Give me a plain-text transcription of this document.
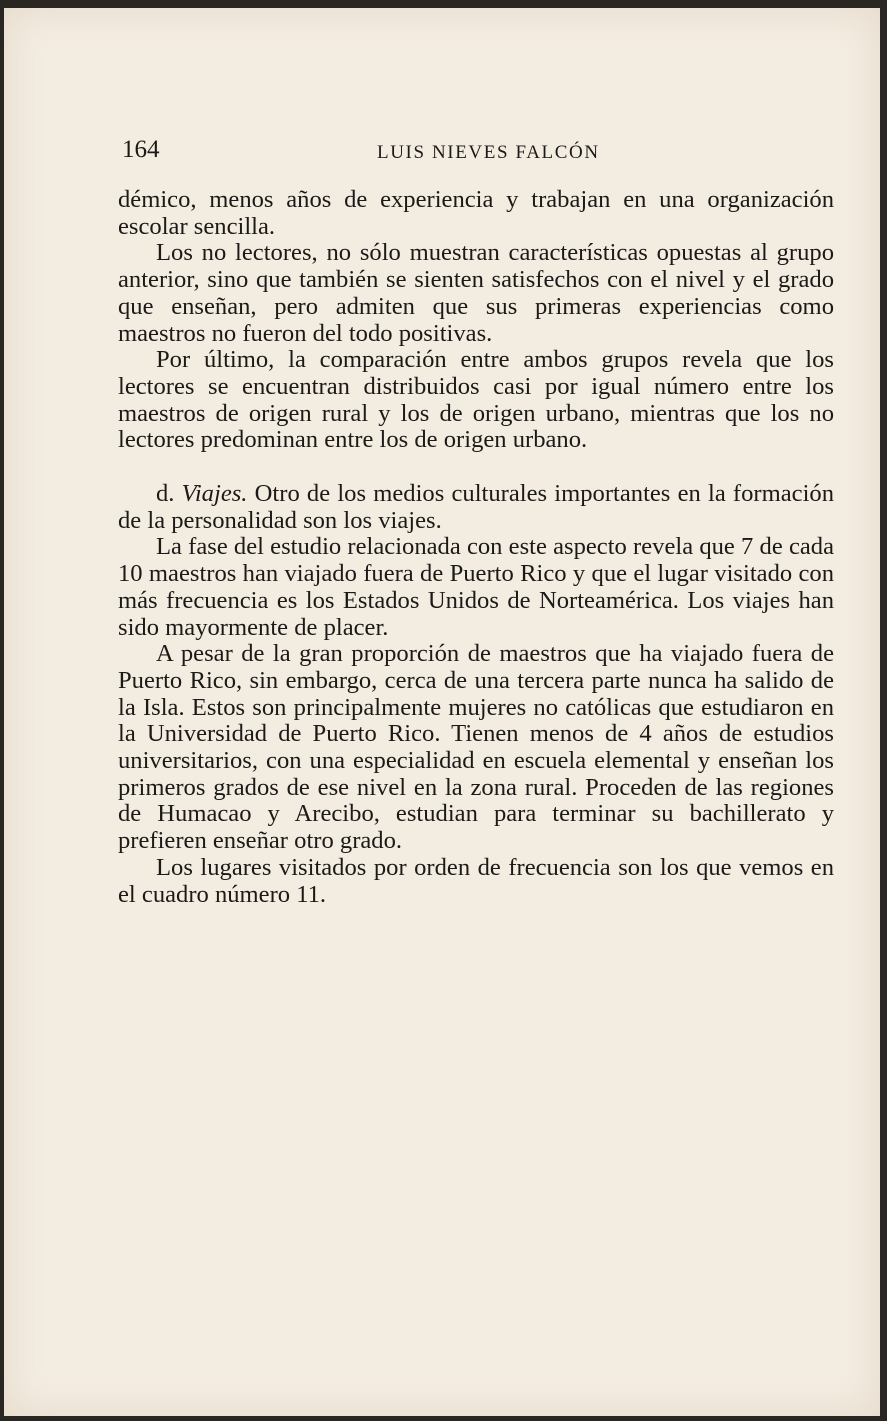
164	LUIS NIEVES FALCÓN

démico, menos años de experiencia y trabajan en una organización escolar sencilla.

Los no lectores, no sólo muestran características opuestas al grupo anterior, sino que también se sienten satisfechos con el nivel y el grado que enseñan, pero admiten que sus primeras experiencias como maestros no fueron del todo positivas.

Por último, la comparación entre ambos grupos revela que los lectores se encuentran distribuidos casi por igual número entre los maestros de origen rural y los de origen urbano, mientras que los no lectores predominan entre los de origen urbano.

d. Viajes. Otro de los medios culturales importantes en la formación de la personalidad son los viajes.

La fase del estudio relacionada con este aspecto revela que 7 de cada 10 maestros han viajado fuera de Puerto Rico y que el lugar visitado con más frecuencia es los Estados Unidos de Norteamérica. Los viajes han sido mayormente de placer.

A pesar de la gran proporción de maestros que ha viajado fuera de Puerto Rico, sin embargo, cerca de una tercera parte nunca ha salido de la Isla. Estos son principalmente mujeres no católicas que estudiaron en la Universidad de Puerto Rico. Tienen menos de 4 años de estudios universitarios, con una especialidad en escuela elemental y enseñan los primeros grados de ese nivel en la zona rural. Proceden de las regiones de Humacao y Arecibo, estudian para terminar su bachillerato y prefieren enseñar otro grado.

Los lugares visitados por orden de frecuencia son los que vemos en el cuadro número 11.
